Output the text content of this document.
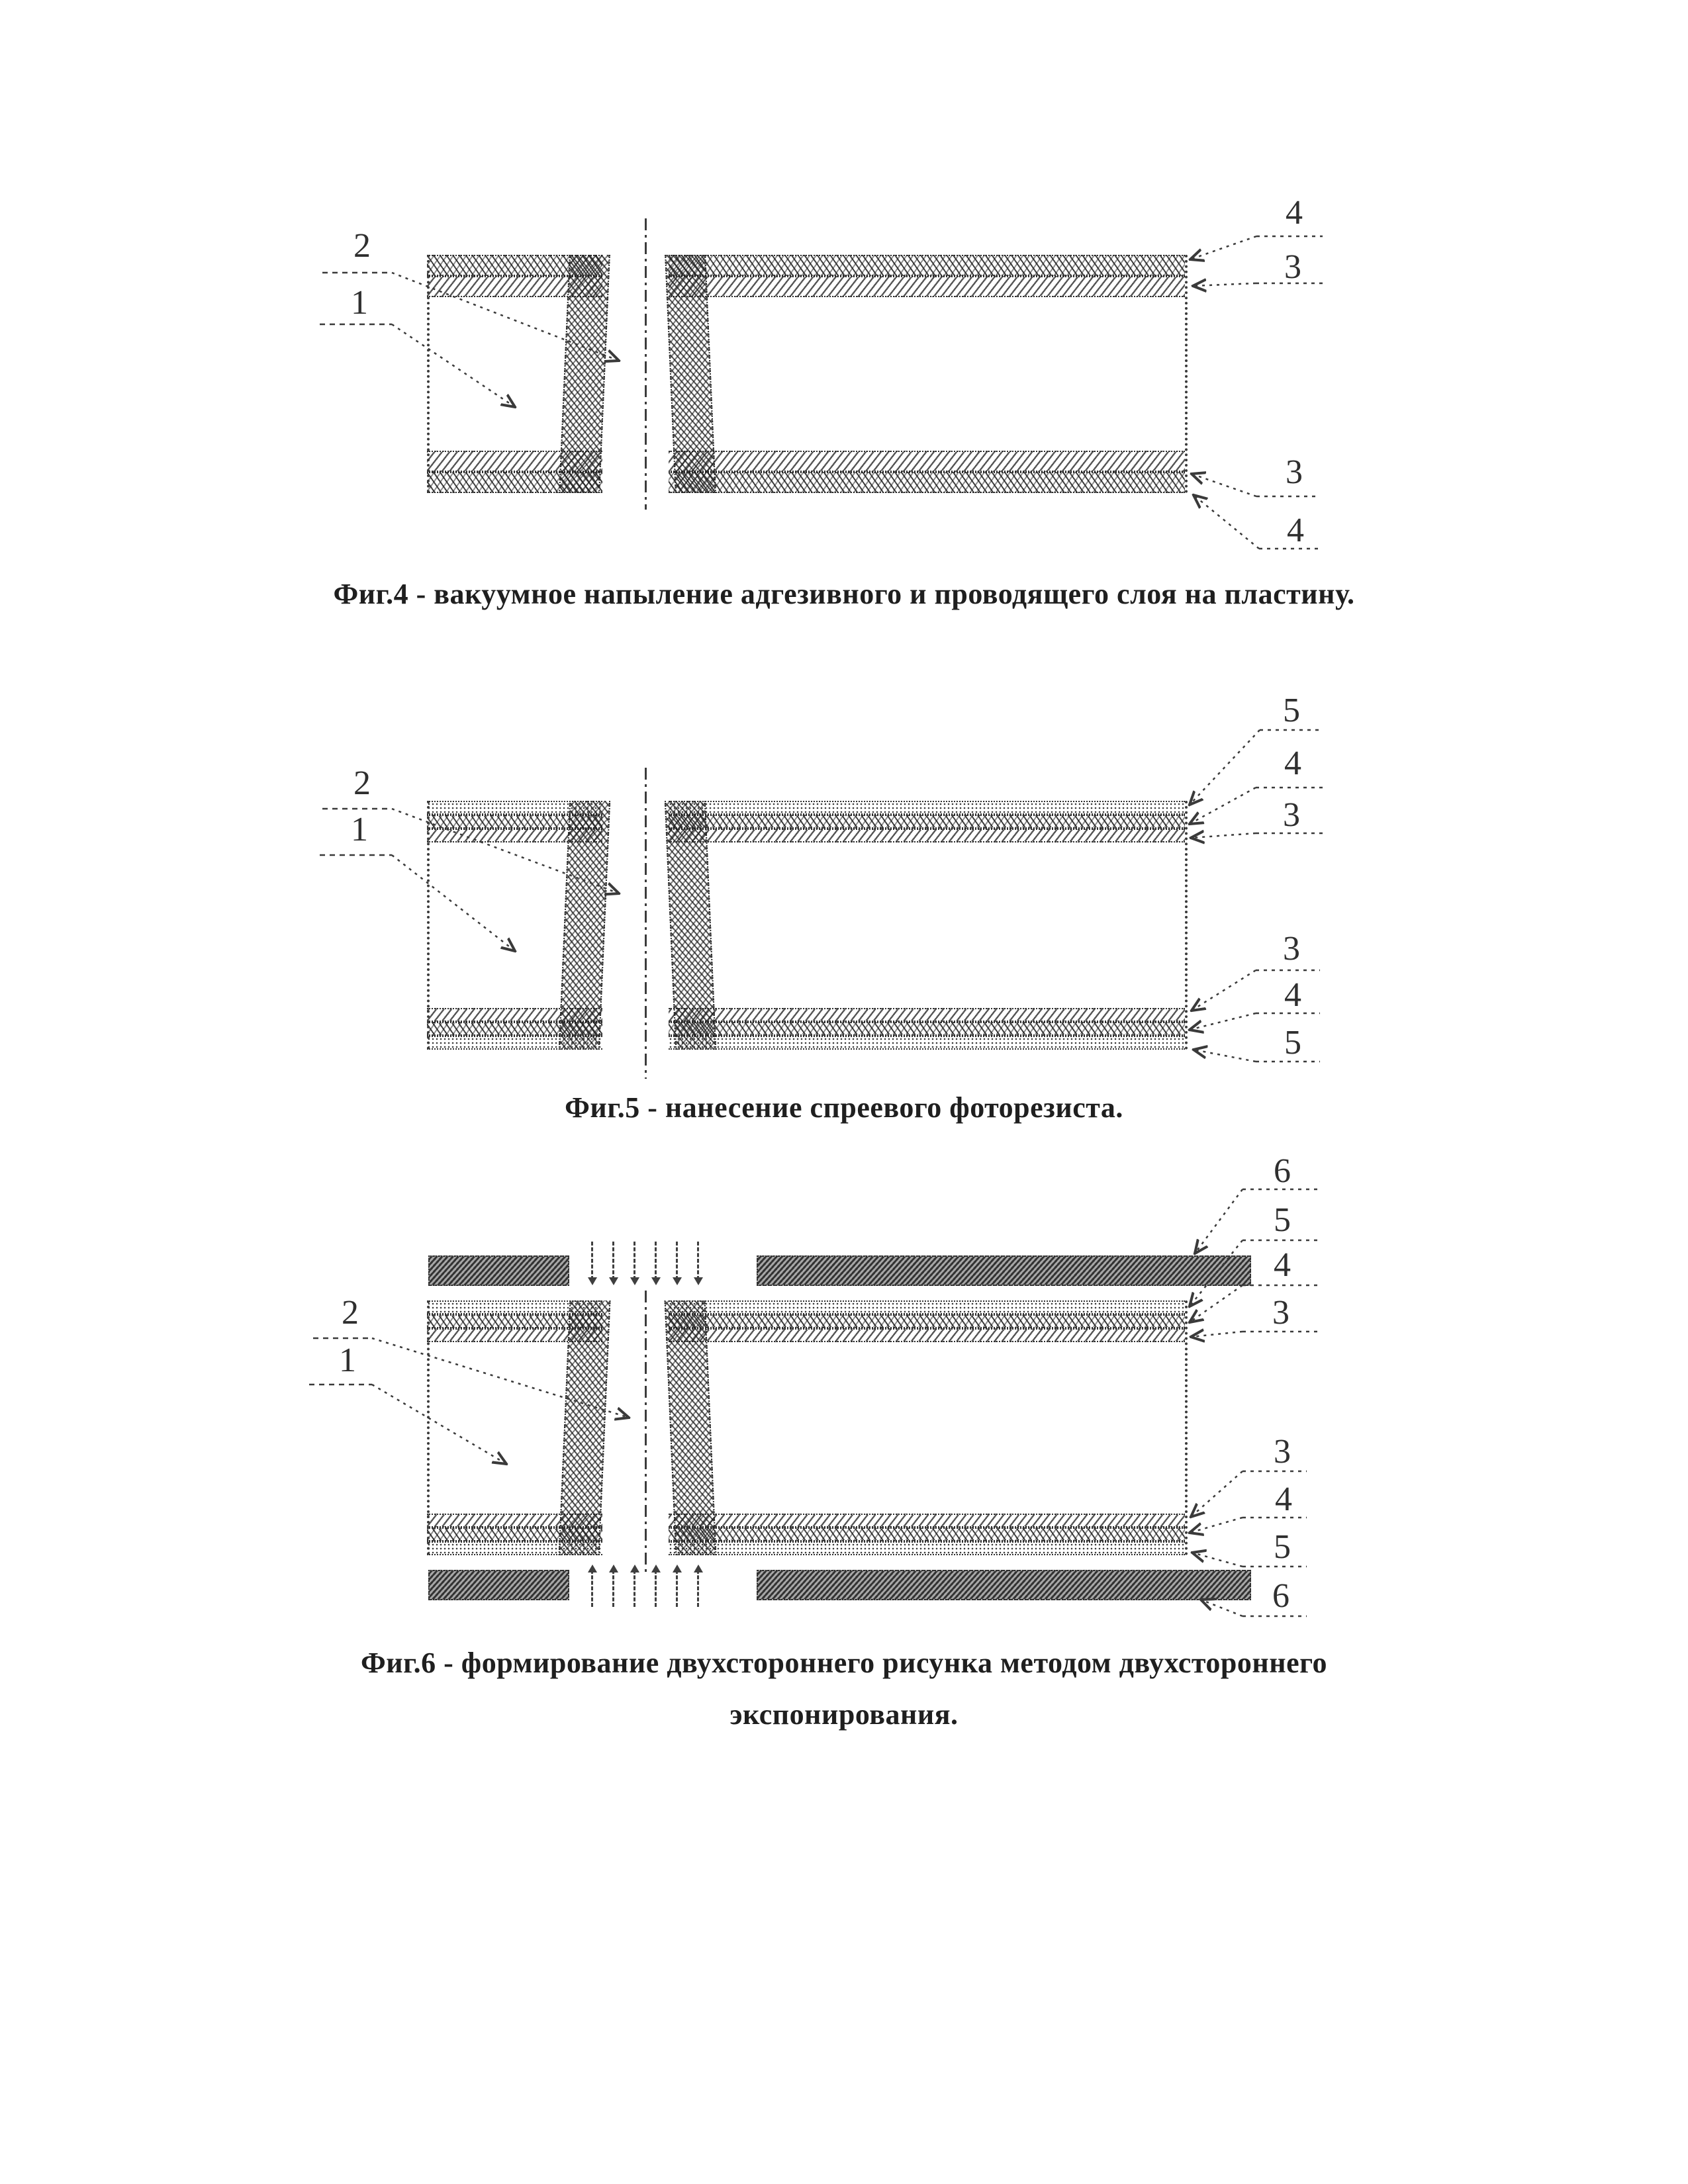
2
1
4
3
3
4
2
1
5
4
3
3
4
5
2
1
6
5
4
3
3
4
5
6
Фиг.4 - вакуумное напыление адгезивного и проводящего слоя на пластину.
Фиг.5 - нанесение спреевого фоторезиста.
Фиг.6 - формирование двухстороннего рисунка методом двухстороннего
экспонирования.
